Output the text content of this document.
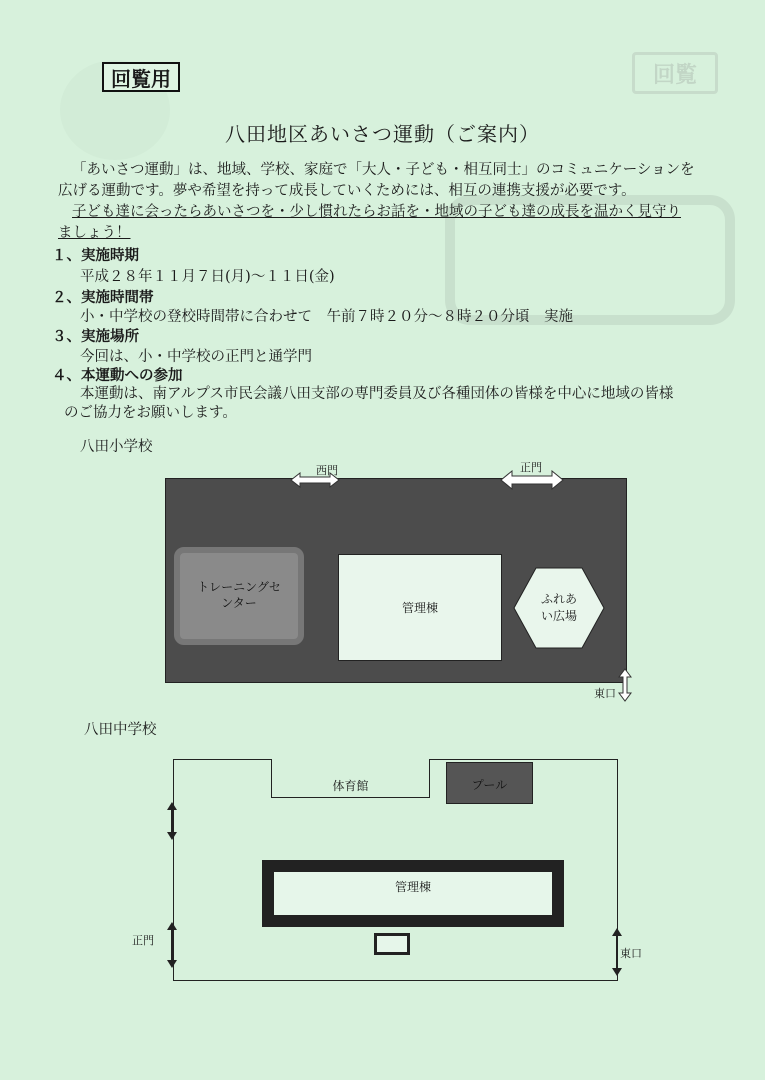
回覧用	回覧
八田地区あいさつ運動（ご案内）
「あいさつ運動」は、地域、学校、家庭で「大人・子ども・相互同士」のコミュニケーションを
広げる運動です。夢や希望を持って成長していくためには、相互の連携支援が必要です。
子ども達に会ったらあいさつを・少し慣れたらお話を・地域の子ども達の成長を温かく見守り
ましょう！
１、実施時期
平成２８年１１月７日(月)～１１日(金)
２、実施時間帯
小・中学校の登校時間帯に合わせて　午前７時２０分～８時２０分頃　実施
３、実施場所
今回は、小・中学校の正門と通学門
４、本運動への参加
本運動は、南アルプス市民会議八田支部の専門委員及び各種団体の皆様を中心に地域の皆様
のご協力をお願いします。
八田小学校
トレーニングセ
ンター	管理棟
ふれあ
い広場
西門	正門
東口
八田中学校
体育館	プール
管理棟
正門
東口
